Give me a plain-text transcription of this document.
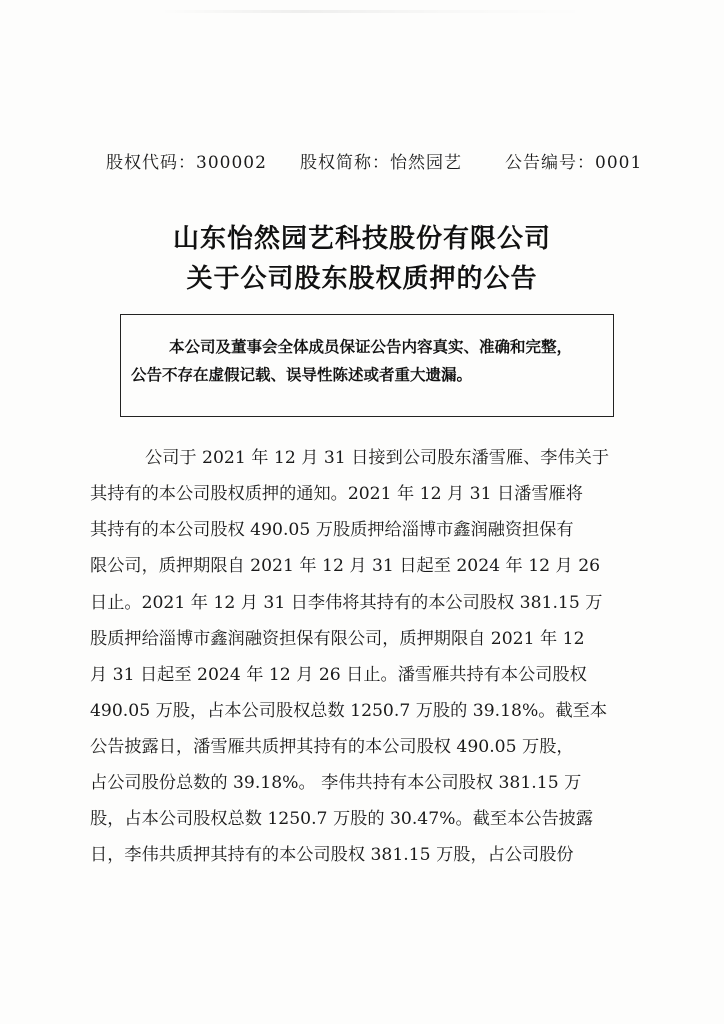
股权代码：300002 股权简称：怡然园艺	公告编号：0001
山东怡然园艺科技股份有限公司
关于公司股东股权质押的公告
本公司及董事会全体成员保证公告内容真实、准确和完整，
公告不存在虚假记载、误导性陈述或者重大遗漏。
公司于 2021 年 12 月 31 日接到公司股东潘雪雁、李伟关于
其持有的本公司股权质押的通知。2021 年 12 月 31 日潘雪雁将
其持有的本公司股权 490.05 万股质押给淄博市鑫润融资担保有
限公司，质押期限自 2021 年 12 月 31 日起至 2024 年 12 月 26
日止。2021 年 12 月 31 日李伟将其持有的本公司股权 381.15 万
股质押给淄博市鑫润融资担保有限公司，质押期限自 2021 年 12
月 31 日起至 2024 年 12 月 26 日止。潘雪雁共持有本公司股权
490.05 万股，占本公司股权总数 1250.7 万股的 39.18%。截至本
公告披露日，潘雪雁共质押其持有的本公司股权 490.05 万股，
占公司股份总数的 39.18%。 李伟共持有本公司股权 381.15 万
股，占本公司股权总数 1250.7 万股的 30.47%。截至本公告披露
日，李伟共质押其持有的本公司股权 381.15 万股，占公司股份
